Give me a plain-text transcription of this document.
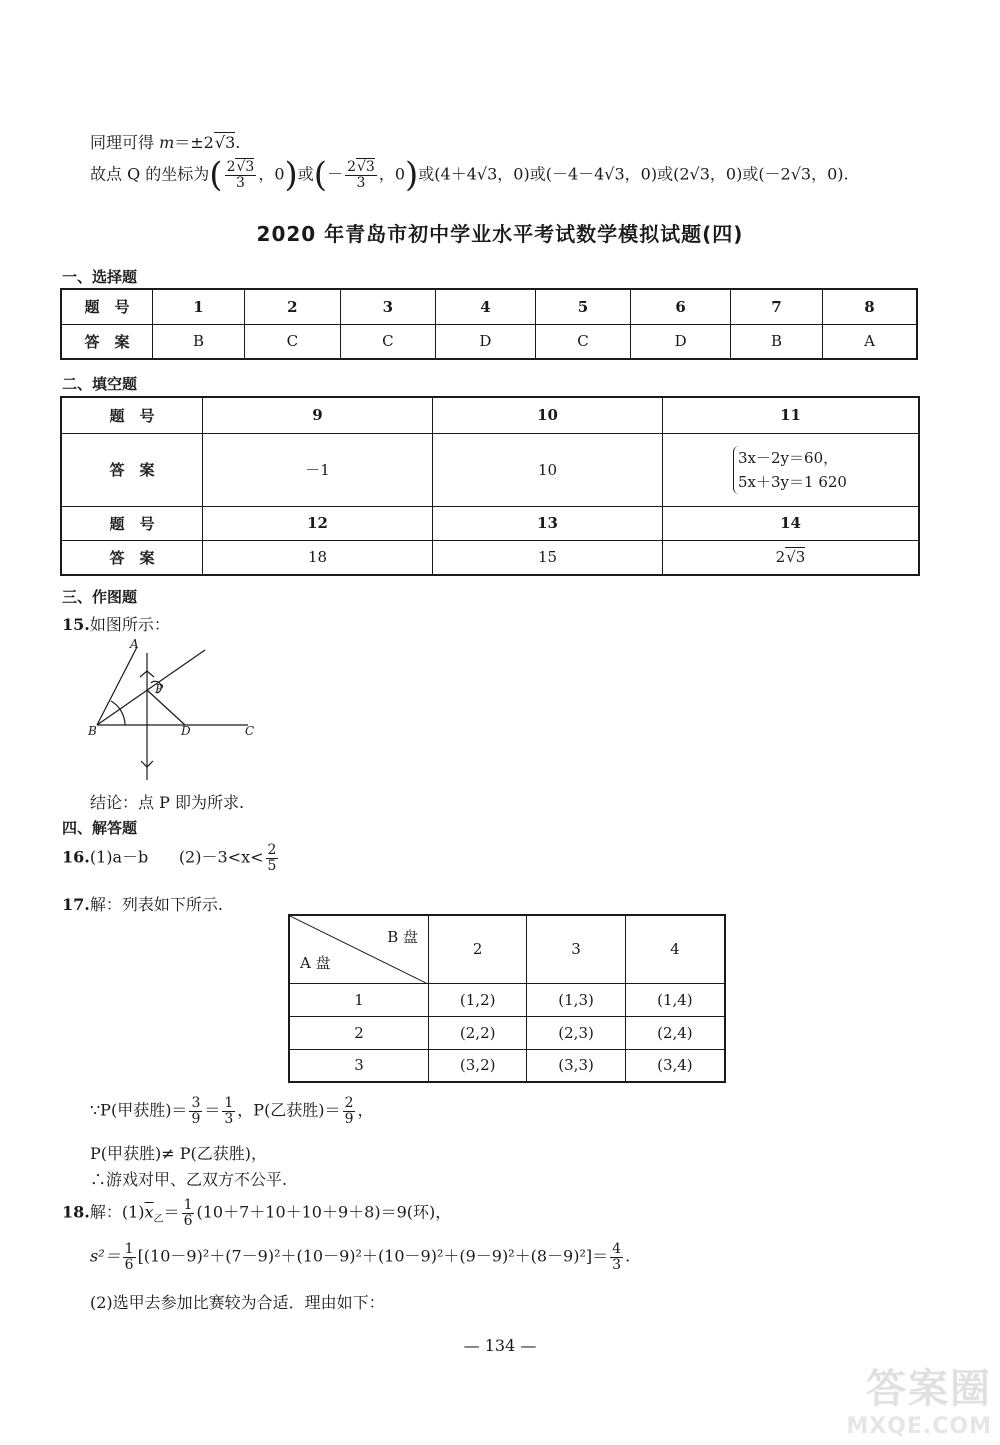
同理可得 m＝±2√3.
故点 Q 的坐标为( $\frac{2√3}{3}$ ，0)或(－ $\frac{2√3}{3}$ ，0)或(4＋4√3，0)或(－4－4√3，0)或(2√3，0)或(－2√3，0).
2020 年青岛市初中学业水平考试数学模拟试题(四)
一、选择题
题　号	1	2	3	4	5	6	7	8
答　案	B	C	C	D	C	D	B	A
二、填空题
题　号	9	10	11
答　案	－1	10	3x－2y＝60，
5x＋3y＝1 620
题　号	12	13	14
答　案	18	15	2√3
三、作图题
15.如图所示：
A
B	C
D
P
结论：点 P 即为所求.
四、解答题
16.(1)a－b $(2)-3<x< \frac{2}{5}$
17.解：列表如下所示.
B 盘
A 盘	2	3	4
1	(1,2)	(1,3)	(1,4)
2	(2,2)	(2,3)	(2,4)
3	(3,2)	(3,3)	(3,4)
∵P(甲获胜)＝ $\frac{3}{9} = \frac{1}{3}$ ，P(乙获胜)＝ $\frac{2}{9}$ ，
P(甲获胜)≠ P(乙获胜)，
∴游戏对甲、乙双方不公平.
18.解：$(1)\overline{x}_乙= \frac{1}{6} (10+7+10+10+9+8)=9$(环)，
$s^2= \frac{1}{6} [(10-9)^2+(7-9)^2+(10-9)^2+(10-9)^2+(9-9)^2+(8-9)^2]= \frac{4}{3}$ .
(2)选甲去参加比赛较为合适．理由如下：
— 134 —
答案圈
MXQE.COM
